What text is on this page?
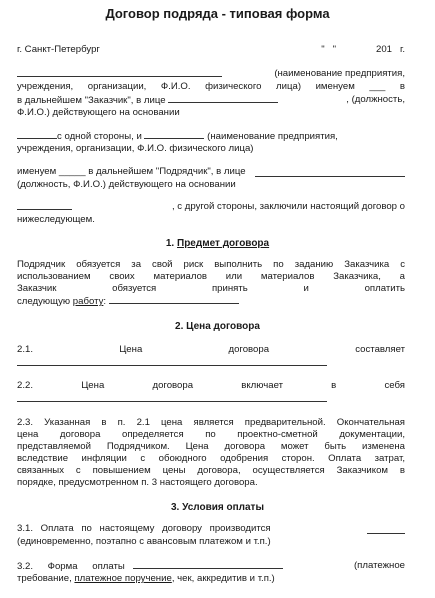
Договор подряда - типовая форма
г. Санкт-Петербург	"   "               201   г.
(наименование предприятия,
учреждения, организации, Ф.И.О. физического лица) именуем ___ в
в дальнейшем "Заказчик", в лице	, (должность,
Ф.И.О.) действующего на основании
с одной стороны, и	(наименование предприятия,
учреждения, организации, Ф.И.О. физического лица)
именуем _____ в дальнейшем "Подрядчик", в лице
(должность, Ф.И.О.) действующего на основании
, с другой стороны, заключили настоящий договор о
нижеследующем.
1. Предмет договора
Подрядчик обязуется за свой риск выполнить по заданию Заказчика с
использованием своих материалов или материалов Заказчика, а
Заказчик обязуется принять и оплатить
следующую работу:
2. Цена договора
2.1. Цена договора составляет
2.2. Цена договора включает в себя
2.3. Указанная в п. 2.1 цена является предварительной. Окончательная
цена договора определяется по проектно-сметной документации,
представляемой Подрядчиком. Цена договора может быть изменена
вследствие инфляции с обоюдного одобрения сторон. Оплата затрат,
связанных с повышением цены договора, осуществляется Заказчиком в
порядке, предусмотренном п. 3 настоящего договора.
3. Условия оплаты
3.1. Оплата по настоящему договору производится
(единовременно, поэтапно с авансовым платежом и т.п.)
3.2. Форма оплаты	(платежное
требование, платежное поручение, чек, аккредитив и т.п.)
